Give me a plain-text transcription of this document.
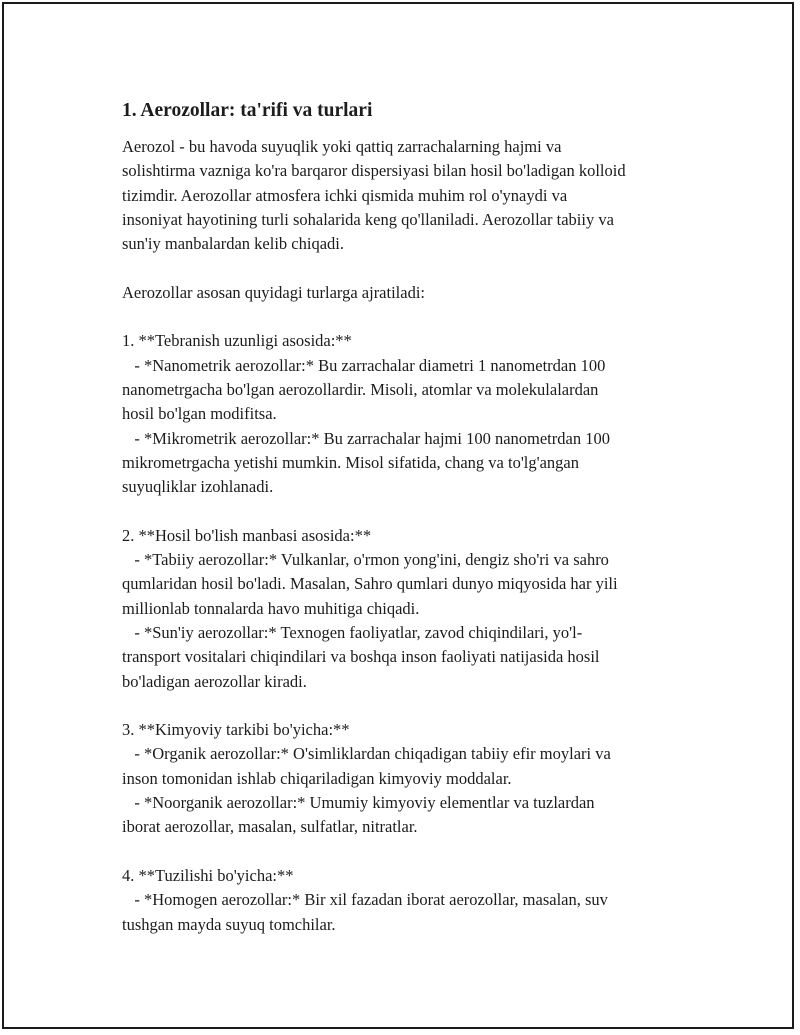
1. Aerozollar: ta'rifi va turlari

Aerozol - bu havoda suyuqlik yoki qattiq zarrachalarning hajmi va
solishtirma vazniga ko'ra barqaror dispersiyasi bilan hosil bo'ladigan kolloid
tizimdir. Aerozollar atmosfera ichki qismida muhim rol o'ynaydi va
insoniyat hayotining turli sohalarida keng qo'llaniladi. Aerozollar tabiiy va
sun'iy manbalardan kelib chiqadi.

Aerozollar asosan quyidagi turlarga ajratiladi:

1. **Tebranish uzunligi asosida:**

- *Nanometrik aerozollar:* Bu zarrachalar diametri 1 nanometrdan 100
nanometrgacha bo'lgan aerozollardir. Misoli, atomlar va molekulalardan
hosil bo'lgan modifitsa.

- *Mikrometrik aerozollar:* Bu zarrachalar hajmi 100 nanometrdan 100
mikrometrgacha yetishi mumkin. Misol sifatida, chang va to'lg'angan
suyuqliklar izohlanadi.

2. **Hosil bo'lish manbasi asosida:**

- *Tabiiy aerozollar:* Vulkanlar, o'rmon yong'ini, dengiz sho'ri va sahro
qumlaridan hosil bo'ladi. Masalan, Sahro qumlari dunyo miqyosida har yili
millionlab tonnalarda havo muhitiga chiqadi.

- *Sun'iy aerozollar:* Texnogen faoliyatlar, zavod chiqindilari, yo'l-
transport vositalari chiqindilari va boshqa inson faoliyati natijasida hosil
bo'ladigan aerozollar kiradi.

3. **Kimyoviy tarkibi bo'yicha:**

- *Organik aerozollar:* O'simliklardan chiqadigan tabiiy efir moylari va
inson tomonidan ishlab chiqariladigan kimyoviy moddalar.

- *Noorganik aerozollar:* Umumiy kimyoviy elementlar va tuzlardan
iborat aerozollar, masalan, sulfatlar, nitratlar.

4. **Tuzilishi bo'yicha:**

- *Homogen aerozollar:* Bir xil fazadan iborat aerozollar, masalan, suv
tushgan mayda suyuq tomchilar.
